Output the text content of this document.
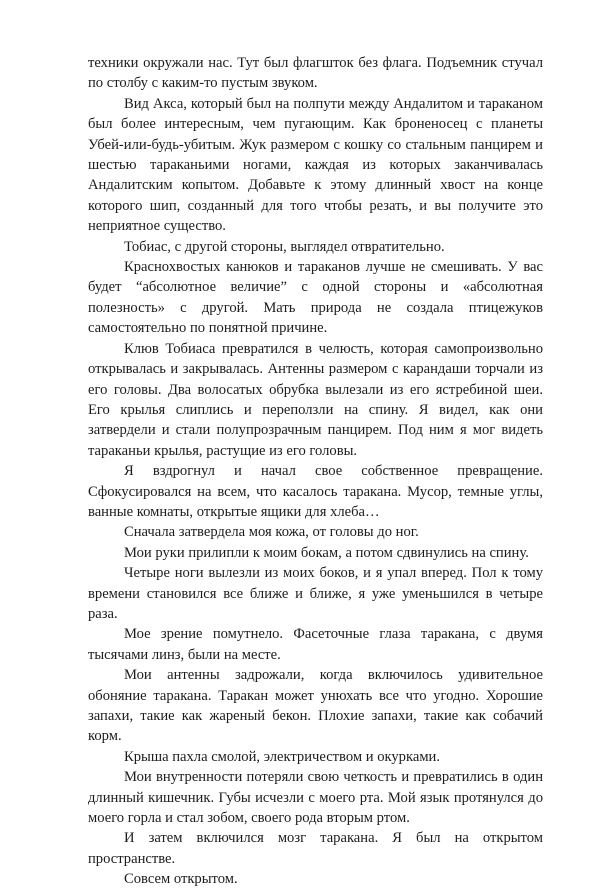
техники окружали нас. Тут был флагшток без флага. Подъемник стучал по столбу с каким-то пустым звуком.

Вид Акса, который был на полпути между Андалитом и тараканом был более интересным, чем пугающим. Как броненосец с планеты Убей-или-будь-убитым. Жук размером с кошку со стальным панцирем и шестью тараканьими ногами, каждая из которых заканчивалась Андалитским копытом. Добавьте к этому длинный хвост на конце которого шип, созданный для того чтобы резать, и вы получите это неприятное существо.

Тобиас, с другой стороны, выглядел отвратительно.

Краснохвостых канюков и тараканов лучше не смешивать. У вас будет “абсолютное величие” с одной стороны и «абсолютная полезность» с другой. Мать природа не создала птицежуков самостоятельно по понятной причине.

Клюв Тобиаса превратился в челюсть, которая самопроизвольно открывалась и закрывалась. Антенны размером с карандаши торчали из его головы. Два волосатых обрубка вылезали из его ястребиной шеи. Его крылья слиплись и переползли на спину. Я видел, как они затвердели и стали полупрозрачным панцирем. Под ним я мог видеть тараканьи крылья, растущие из его головы.

Я вздрогнул и начал свое собственное превращение. Сфокусировался на всем, что касалось таракана. Мусор, темные углы, ванные комнаты, открытые ящики для хлеба…

Сначала затвердела моя кожа, от головы до ног.

Мои руки прилипли к моим бокам, а потом сдвинулись на спину.

Четыре ноги вылезли из моих боков, и я упал вперед. Пол к тому времени становился все ближе и ближе, я уже уменьшился в четыре раза.

Мое зрение помутнело. Фасеточные глаза таракана, с двумя тысячами линз, были на месте.

Мои антенны задрожали, когда включилось удивительное обоняние таракана. Таракан может унюхать все что угодно. Хорошие запахи, такие как жареный бекон. Плохие запахи, такие как собачий корм.

Крыша пахла смолой, электричеством и окурками.

Мои внутренности потеряли свою четкость и превратились в один длинный кишечник. Губы исчезли с моего рта. Мой язык протянулся до моего горла и стал зобом, своего рода вторым ртом.

И затем включился мозг таракана. Я был на открытом пространстве.

Совсем открытом.
